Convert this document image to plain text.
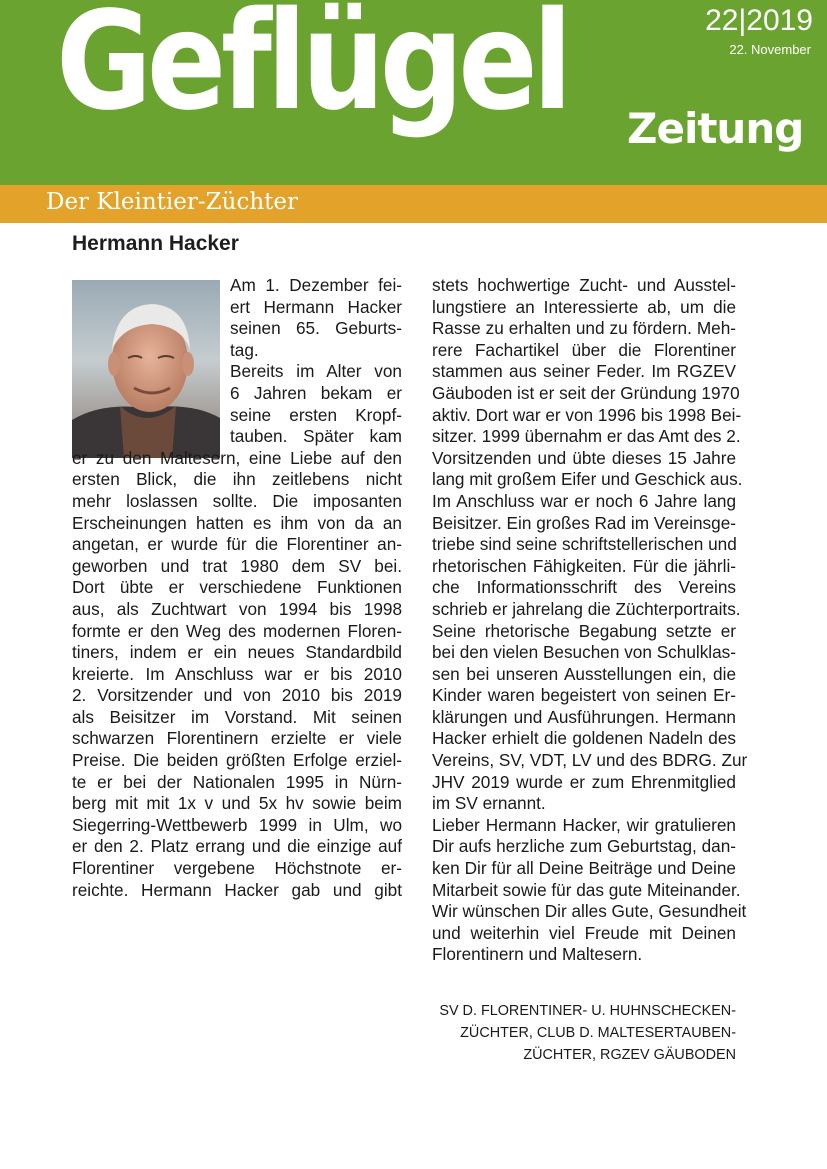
Geflügel Zeitung
22|2019
22. November
Der Kleintier-Züchter
Hermann Hacker
Am 1. Dezember fei-
ert Hermann Hacker
seinen 65. Geburts-
tag.
Bereits im Alter von
6 Jahren bekam er
seine ersten Kropf-
tauben. Später kam
er zu den Maltesern, eine Liebe auf den
ersten Blick, die ihn zeitlebens nicht
mehr loslassen sollte. Die imposanten
Erscheinungen hatten es ihm von da an
angetan, er wurde für die Florentiner an-
geworben und trat 1980 dem SV bei.
Dort übte er verschiedene Funktionen
aus, als Zuchtwart von 1994 bis 1998
formte er den Weg des modernen Floren-
tiners, indem er ein neues Standardbild
kreierte. Im Anschluss war er bis 2010
2. Vorsitzender und von 2010 bis 2019
als Beisitzer im Vorstand. Mit seinen
schwarzen Florentinern erzielte er viele
Preise. Die beiden größten Erfolge erziel-
te er bei der Nationalen 1995 in Nürn-
berg mit mit 1x v und 5x hv sowie beim
Siegerring-Wettbewerb 1999 in Ulm, wo
er den 2. Platz errang und die einzige auf
Florentiner vergebene Höchstnote er-
reichte. Hermann Hacker gab und gibt
stets hochwertige Zucht- und Ausstel-
lungstiere an Interessierte ab, um die
Rasse zu erhalten und zu fördern. Meh-
rere Fachartikel über die Florentiner
stammen aus seiner Feder. Im RGZEV
Gäuboden ist er seit der Gründung 1970
aktiv. Dort war er von 1996 bis 1998 Bei-
sitzer. 1999 übernahm er das Amt des 2.
Vorsitzenden und übte dieses 15 Jahre
lang mit großem Eifer und Geschick aus.
Im Anschluss war er noch 6 Jahre lang
Beisitzer. Ein großes Rad im Vereinsge-
triebe sind seine schriftstellerischen und
rhetorischen Fähigkeiten. Für die jährli-
che Informationsschrift des Vereins
schrieb er jahrelang die Züchterportraits.
Seine rhetorische Begabung setzte er
bei den vielen Besuchen von Schulklas-
sen bei unseren Ausstellungen ein, die
Kinder waren begeistert von seinen Er-
klärungen und Ausführungen. Hermann
Hacker erhielt die goldenen Nadeln des
Vereins, SV, VDT, LV und des BDRG. Zur
JHV 2019 wurde er zum Ehrenmitglied
im SV ernannt.
Lieber Hermann Hacker, wir gratulieren
Dir aufs herzliche zum Geburtstag, dan-
ken Dir für all Deine Beiträge und Deine
Mitarbeit sowie für das gute Miteinander.
Wir wünschen Dir alles Gute, Gesundheit
und weiterhin viel Freude mit Deinen
Florentinern und Maltesern.
SV D. FLORENTINER- U. HUHNSCHECKEN-
ZÜCHTER, CLUB D. MALTESERTAUBEN-
ZÜCHTER, RGZEV GÄUBODEN
